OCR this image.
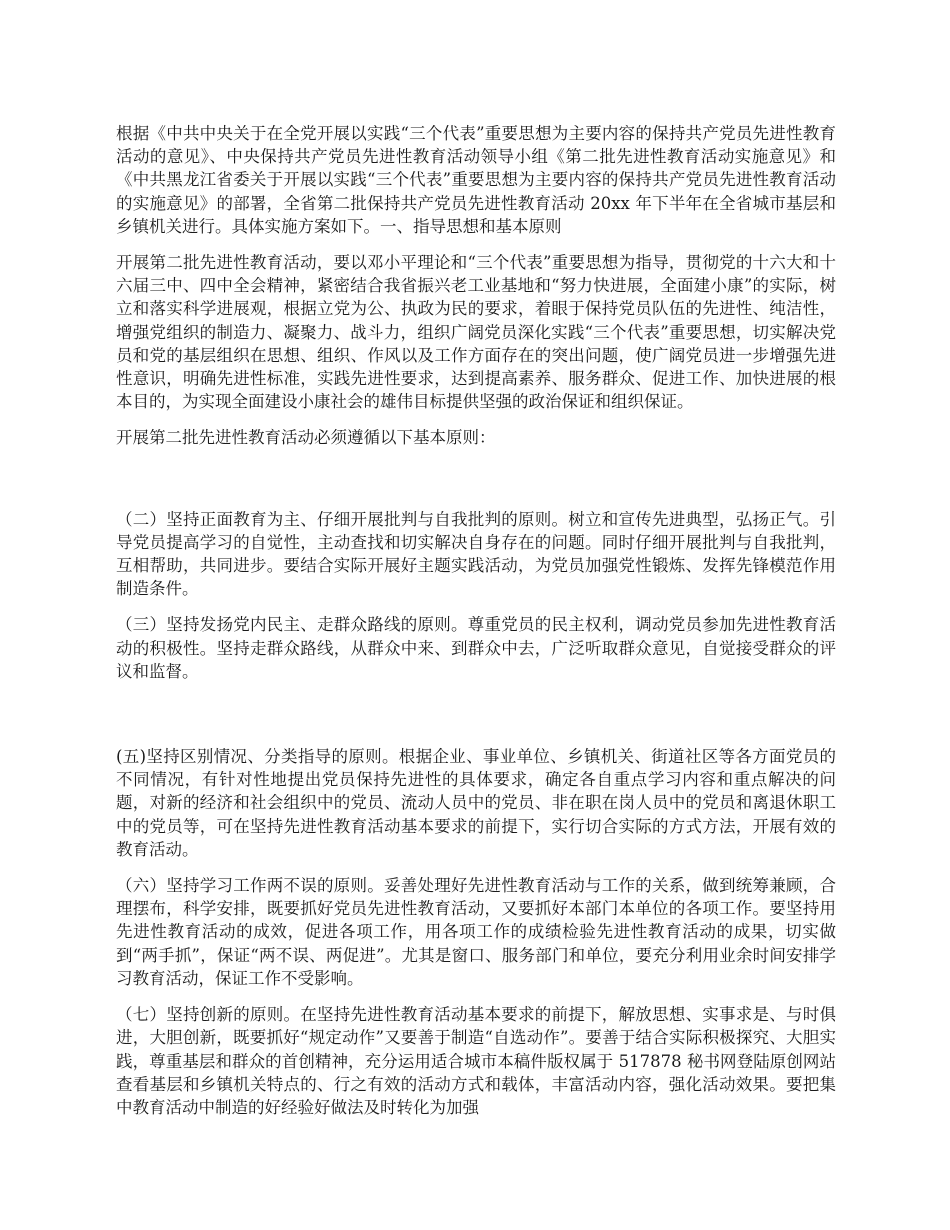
根据《中共中央关于在全党开展以实践“三个代表”重要思想为主要内容的保持共产党员先进性教育活动的意见》、中央保持共产党员先进性教育活动领导小组《第二批先进性教育活动实施意见》和《中共黑龙江省委关于开展以实践“三个代表”重要思想为主要内容的保持共产党员先进性教育活动的实施意见》的部署，全省第二批保持共产党员先进性教育活动 20xx 年下半年在全省城市基层和乡镇机关进行。具体实施方案如下。一、指导思想和基本原则

开展第二批先进性教育活动，要以邓小平理论和“三个代表”重要思想为指导，贯彻党的十六大和十六届三中、四中全会精神，紧密结合我省振兴老工业基地和“努力快进展，全面建小康”的实际，树立和落实科学进展观，根据立党为公、执政为民的要求，着眼于保持党员队伍的先进性、纯洁性，增强党组织的制造力、凝聚力、战斗力，组织广阔党员深化实践“三个代表”重要思想，切实解决党员和党的基层组织在思想、组织、作风以及工作方面存在的突出问题，使广阔党员进一步增强先进性意识，明确先进性标准，实践先进性要求，达到提高素养、服务群众、促进工作、加快进展的根本目的，为实现全面建设小康社会的雄伟目标提供坚强的政治保证和组织保证。

开展第二批先进性教育活动必须遵循以下基本原则：

（二）坚持正面教育为主、仔细开展批判与自我批判的原则。树立和宣传先进典型，弘扬正气。引导党员提高学习的自觉性，主动查找和切实解决自身存在的问题。同时仔细开展批判与自我批判，互相帮助，共同进步。要结合实际开展好主题实践活动，为党员加强党性锻炼、发挥先锋模范作用制造条件。

（三）坚持发扬党内民主、走群众路线的原则。尊重党员的民主权利，调动党员参加先进性教育活动的积极性。坚持走群众路线，从群众中来、到群众中去，广泛听取群众意见，自觉接受群众的评议和监督。

(五)坚持区别情况、分类指导的原则。根据企业、事业单位、乡镇机关、街道社区等各方面党员的不同情况，有针对性地提出党员保持先进性的具体要求，确定各自重点学习内容和重点解决的问题，对新的经济和社会组织中的党员、流动人员中的党员、非在职在岗人员中的党员和离退休职工中的党员等，可在坚持先进性教育活动基本要求的前提下，实行切合实际的方式方法，开展有效的教育活动。

（六）坚持学习工作两不误的原则。妥善处理好先进性教育活动与工作的关系，做到统筹兼顾，合理摆布，科学安排，既要抓好党员先进性教育活动，又要抓好本部门本单位的各项工作。要坚持用先进性教育活动的成效，促进各项工作，用各项工作的成绩检验先进性教育活动的成果，切实做到“两手抓”，保证“两不误、两促进”。尤其是窗口、服务部门和单位，要充分利用业余时间安排学习教育活动，保证工作不受影响。

（七）坚持创新的原则。在坚持先进性教育活动基本要求的前提下，解放思想、实事求是、与时俱进，大胆创新，既要抓好“规定动作”又要善于制造“自选动作”。要善于结合实际积极探究、大胆实践，尊重基层和群众的首创精神，充分运用适合城市本稿件版权属于 517878 秘书网登陆原创网站查看基层和乡镇机关特点的、行之有效的活动方式和载体，丰富活动内容，强化活动效果。要把集中教育活动中制造的好经验好做法及时转化为加强
